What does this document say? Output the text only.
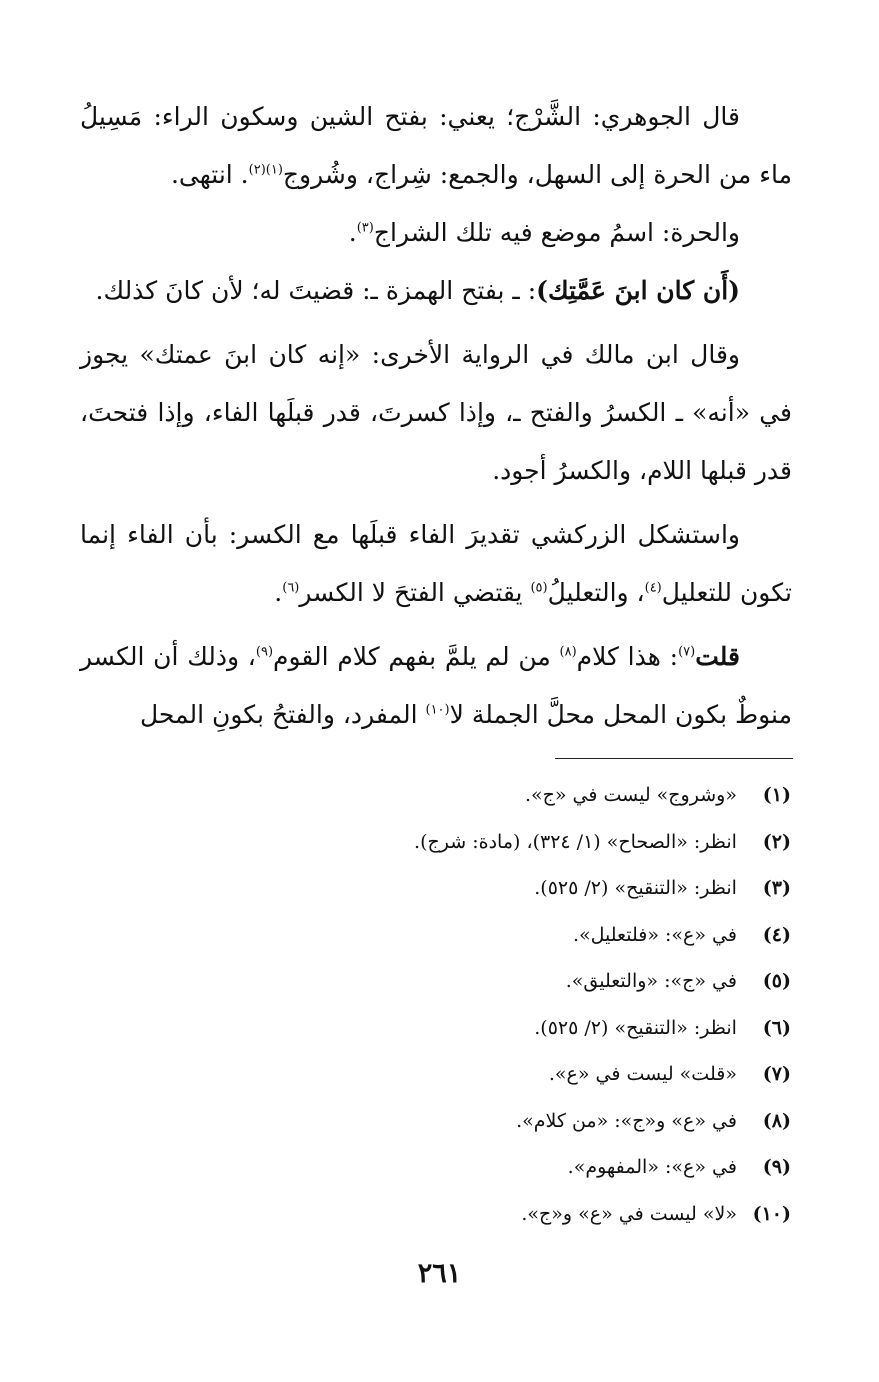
قال الجوهري: الشَّرْج؛ يعني: بفتح الشين وسكون الراء: مَسِيلُ ماء من الحرة إلى السهل، والجمع: شِراج، وشُروج$^{(١)(٢)}$. انتهى.

والحرة: اسمُ موضع فيه تلك الشراج$^{(٣)}$.

(أَن كان ابنَ عَمَّتِك): ـ بفتح الهمزة ـ: قضيتَ له؛ لأن كانَ كذلك.

وقال ابن مالك في الرواية الأخرى: «إنه كان ابنَ عمتك» يجوز في «أنه» ـ الكسرُ والفتح ـ، وإذا كسرتَ، قدر قبلَها الفاء، وإذا فتحتَ، قدر قبلها اللام، والكسرُ أجود.

واستشكل الزركشي تقديرَ الفاء قبلَها مع الكسر: بأن الفاء إنما تكون للتعليل$^{(٤)}$، والتعليلُ$^{(٥)}$ يقتضي الفتحَ لا الكسر$^{(٦)}$.

قلت$^{(٧)}$: هذا كلام$^{(٨)}$ من لم يلمَّ بفهم كلام القوم$^{(٩)}$، وذلك أن الكسر منوطٌ بكون المحل محلَّ الجملة لا$^{(١٠)}$ المفرد، والفتحُ بكونِ المحل

(١) «وشروج» ليست في «ج».
(٢) انظر: «الصحاح» (١/ ٣٢٤)، (مادة: شرج).
(٣) انظر: «التنقيح» (٢/ ٥٢٥).
(٤) في «ع»: «فلتعليل».
(٥) في «ج»: «والتعليق».
(٦) انظر: «التنقيح» (٢/ ٥٢٥).
(٧) «قلت» ليست في «ع».
(٨) في «ع» و«ج»: «من كلام».
(٩) في «ع»: «المفهوم».
(١٠) «لا» ليست في «ع» و«ج».
٢٦١
